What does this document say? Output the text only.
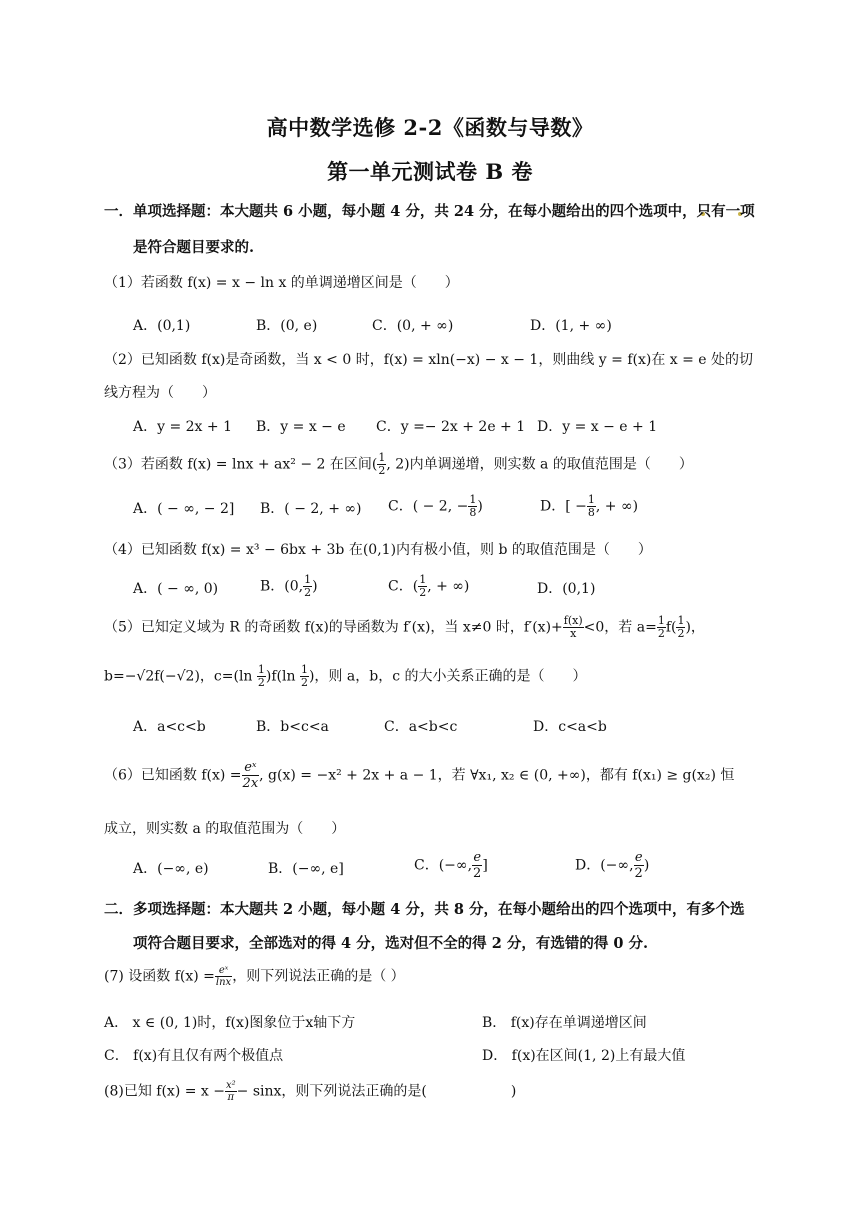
高中数学选修 2-2《函数与导数》
第一单元测试卷 B 卷
一．单项选择题：本大题共 6 小题，每小题 4 分，共 24 分，在每小题给出的四个选项中，只有一项
是符合题目要求的.
（1）若函数 f(x) = x − ln x 的单调递增区间是（　　）
A．(0,1)	B．(0, e)	C．(0, + ∞)	D．(1, + ∞)
（2）已知函数 f(x)是奇函数，当 x < 0 时，f(x) = xln(−x) − x − 1，则曲线 y = f(x)在 x = e 处的切
线方程为（　　）
A．y = 2x + 1 B．y = x − e C．y =− 2x + 2e + 1 D．y = x − e + 1
（3）若函数 f(x) = lnx + ax² − 2 在区间( $\frac{1}{2}$ , 2)内单调递增，则实数 a 的取值范围是（　　）
A．( − ∞, − 2] B．( − 2, + ∞) C．( − 2, − $\frac{1}{8}$ )	D．[ − $\frac{1}{8}$ , + ∞)
（4）已知函数 f(x) = x³ − 6bx + 3b 在(0,1)内有极小值，则 b 的取值范围是（　　）
A．( − ∞, 0)	B．(0, $\frac{1}{2}$ )	C．( $\frac{1}{2}$ , + ∞)	D．(0,1)
（5）已知定义域为 R 的奇函数 f(x)的导函数为 f′(x)，当 x≠0 时，$f'(x)+ \frac{f(x)}{x} <0$，若 $a= \frac{1}{2} f( \frac{1}{2}$ )，
b=−√2f(−√2)，$c=(\ln \frac{1}{2} )f(\ln \frac{1}{2}$ )，则 a，b，c 的大小关系正确的是（　　）
A．a<c<b	B．b<c<a	C．a<b<c	D．c<a<b
（6）已知函数 $f(x) = \frac{\text{eˣ}}{2x}$ , g(x) = −x² + 2x + a − 1，若 ∀x₁, x₂ ∈ (0, +∞)，都有 f(x₁) ≥ g(x₂) 恒
成立，则实数 a 的取值范围为（　　）
A．(−∞, e)	B．(−∞, e]	C．(−∞, $\frac{e}{2}$ ]	D．(−∞, $\frac{e}{2}$ )
二．多项选择题：本大题共 2 小题，每小题 4 分，共 8 分，在每小题给出的四个选项中，有多个选
项符合题目要求，全部选对的得 4 分，选对但不全的得 2 分，有选错的得 0 分.
(7) 设函数 $f(x) = \frac{\text{eˣ}}{\ln x}$ ，则下列说法正确的是（ ）
A． x ∈ (0, 1)时，f(x)图象位于x轴下方	B． f(x)存在单调递增区间
C． f(x)有且仅有两个极值点	D． f(x)在区间(1, 2)上有最大值
(8)已知 $f(x) = x - \frac{\text{x²}}{\pi} - \sin x$，则下列说法正确的是(　　　　　　)
